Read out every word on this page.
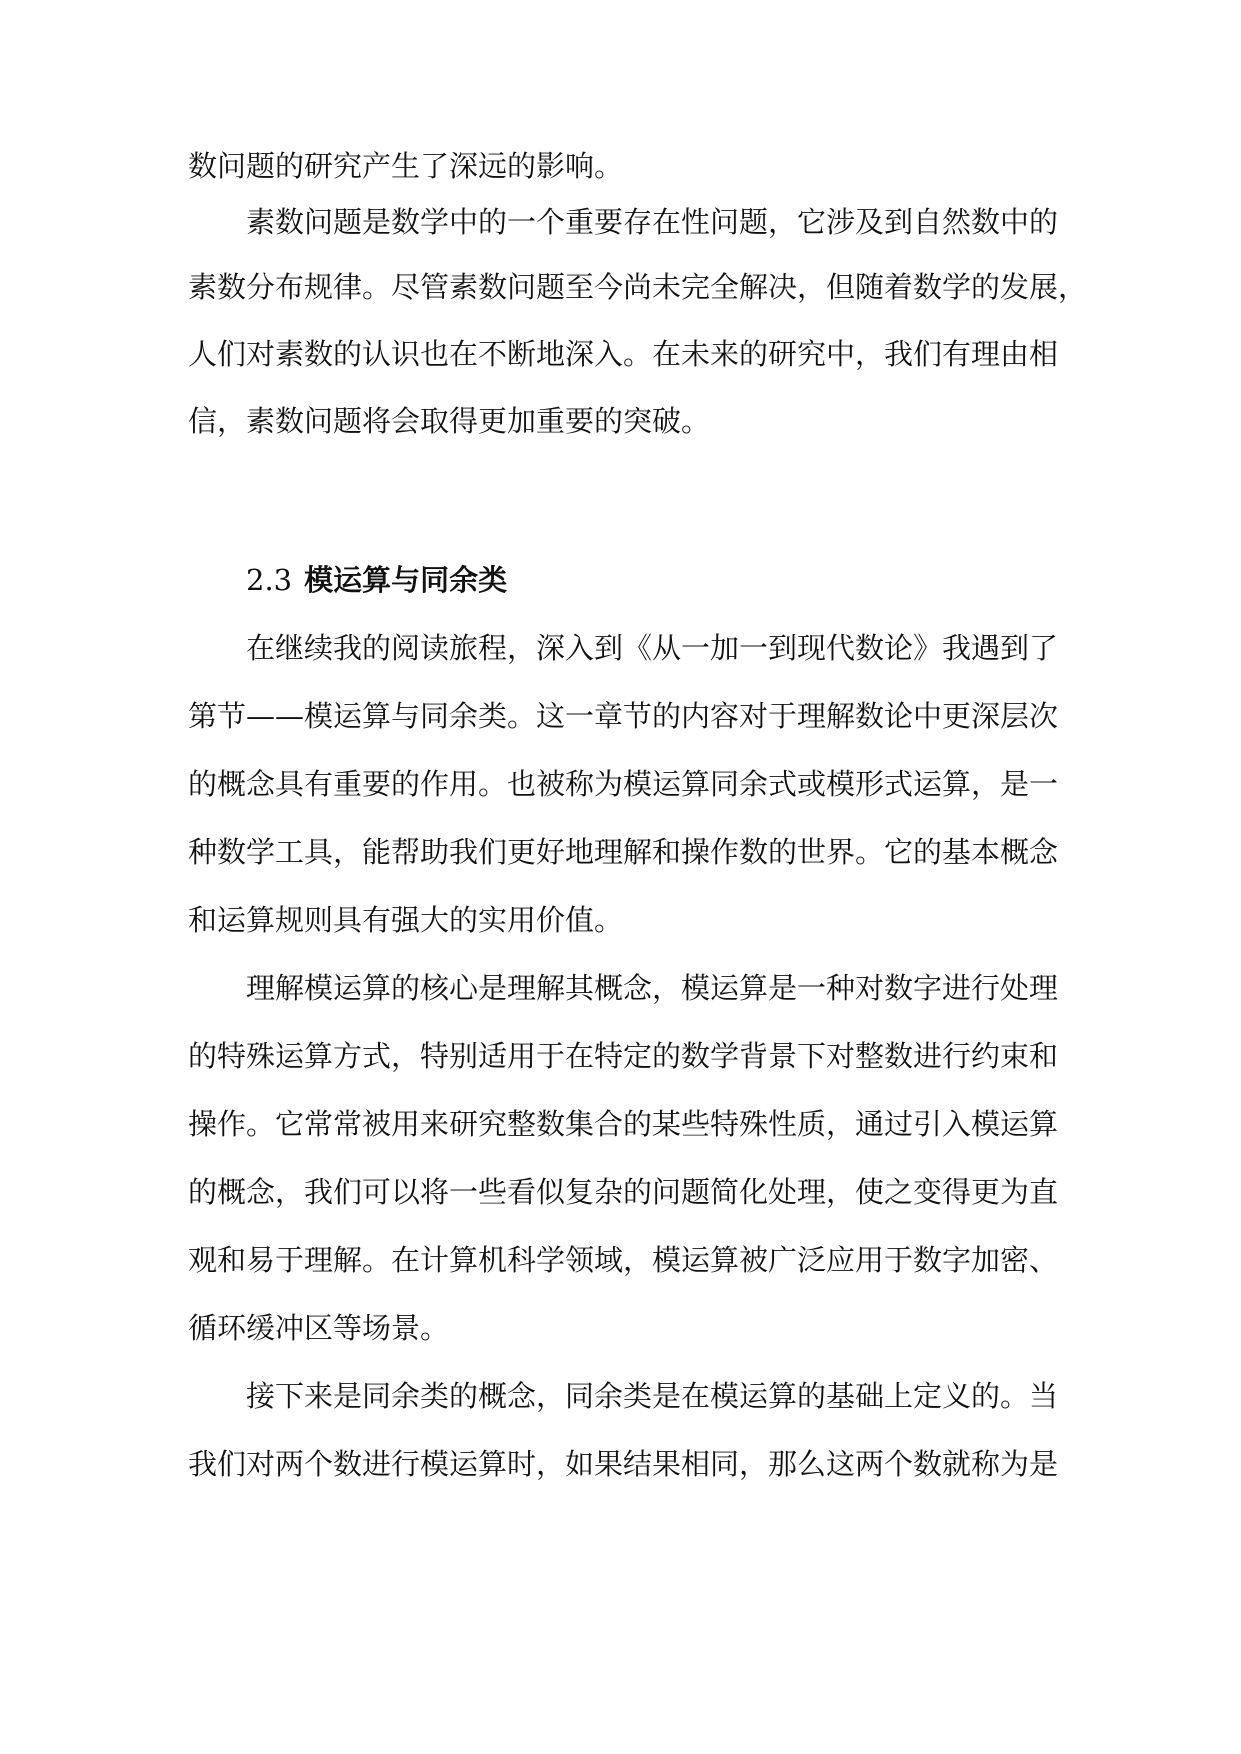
数问题的研究产生了深远的影响。
素数问题是数学中的一个重要存在性问题，它涉及到自然数中的
素数分布规律。尽管素数问题至今尚未完全解决，但随着数学的发展，
人们对素数的认识也在不断地深入。在未来的研究中，我们有理由相
信，素数问题将会取得更加重要的突破。
2.3 模运算与同余类
在继续我的阅读旅程，深入到《从一加一到现代数论》我遇到了
第节——模运算与同余类。这一章节的内容对于理解数论中更深层次
的概念具有重要的作用。也被称为模运算同余式或模形式运算，是一
种数学工具，能帮助我们更好地理解和操作数的世界。它的基本概念
和运算规则具有强大的实用价值。
理解模运算的核心是理解其概念，模运算是一种对数字进行处理
的特殊运算方式，特别适用于在特定的数学背景下对整数进行约束和
操作。它常常被用来研究整数集合的某些特殊性质，通过引入模运算
的概念，我们可以将一些看似复杂的问题简化处理，使之变得更为直
观和易于理解。在计算机科学领域，模运算被广泛应用于数字加密、
循环缓冲区等场景。
接下来是同余类的概念，同余类是在模运算的基础上定义的。当
我们对两个数进行模运算时，如果结果相同，那么这两个数就称为是
